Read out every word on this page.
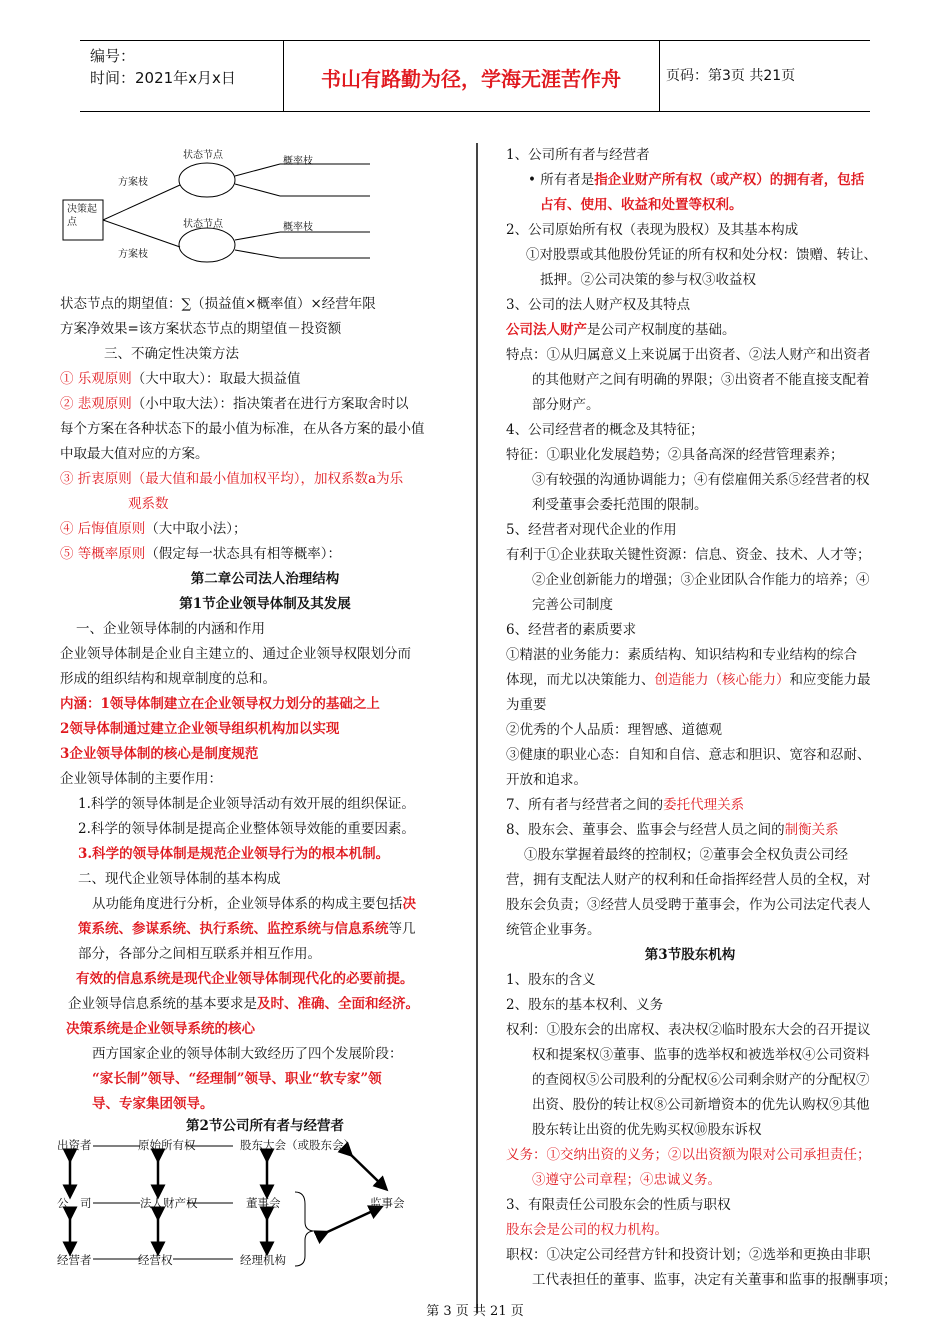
编号：
时间：2021年x月x日	书山有路勤为径，学海无涯苦作舟	页码：第3页 共21页
决策起点
方案枝
方案枝
状态节点
状态节点
概率枝
概率枝
状态节点的期望值：∑（损益值×概率值）×经营年限
方案净效果=该方案状态节点的期望值－投资额
三、不确定性决策方法
① 乐观原则（大中取大）：取最大损益值
② 悲观原则（小中取大法）：指决策者在进行方案取舍时以
每个方案在各种状态下的最小值为标准，在从各方案的最小值
中取最大值对应的方案。
③ 折衷原则（最大值和最小值加权平均），加权系数a为乐
观系数
④ 后悔值原则（大中取小法）；
⑤ 等概率原则（假定每一状态具有相等概率）：
第二章公司法人治理结构
第1节企业领导体制及其发展
一、企业领导体制的内涵和作用
企业领导体制是企业自主建立的、通过企业领导权限划分而
形成的组织结构和规章制度的总和。
内涵：1领导体制建立在企业领导权力划分的基础之上
2领导体制通过建立企业领导组织机构加以实现
3企业领导体制的核心是制度规范
企业领导体制的主要作用：
1.科学的领导体制是企业领导活动有效开展的组织保证。
2.科学的领导体制是提高企业整体领导效能的重要因素。
3.科学的领导体制是规范企业领导行为的根本机制。
二、现代企业领导体制的基本构成
从功能角度进行分析，企业领导体系的构成主要包括决
策系统、参谋系统、执行系统、监控系统与信息系统等几
部分，各部分之间相互联系并相互作用。
有效的信息系统是现代企业领导体制现代化的必要前提。
企业领导信息系统的基本要求是及时、准确、全面和经济。
决策系统是企业领导系统的核心
西方国家企业的领导体制大致经历了四个发展阶段：
“家长制”领导、“经理制”领导、职业“软专家”领
导、专家集团领导。
第2节公司所有者与经营者
出资者	原始所有权	股东大会（或股东会）
公　司	法人财产权	董事会
经营者	经营权	经理机构
监事会
1、公司所有者与经营者
• 所有者是指企业财产所有权（或产权）的拥有者，包括
占有、使用、收益和处置等权利。
2、公司原始所有权（表现为股权）及其基本构成
①对股票或其他股份凭证的所有权和处分权：馈赠、转让、
抵押。②公司决策的参与权③收益权
3、公司的法人财产权及其特点
公司法人财产是公司产权制度的基础。
特点：①从归属意义上来说属于出资者、②法人财产和出资者
的其他财产之间有明确的界限；③出资者不能直接支配着
部分财产。
4、公司经营者的概念及其特征；
特征：①职业化发展趋势；②具备高深的经营管理素养；
③有较强的沟通协调能力；④有偿雇佣关系⑤经营者的权
利受董事会委托范围的限制。
5、经营者对现代企业的作用
有利于①企业获取关键性资源：信息、资金、技术、人才等；
②企业创新能力的增强；③企业团队合作能力的培养；④
完善公司制度
6、经营者的素质要求
①精湛的业务能力：素质结构、知识结构和专业结构的综合
体现，而尤以决策能力、创造能力（核心能力）和应变能力最
为重要
②优秀的个人品质：理智感、道德观
③健康的职业心态：自知和自信、意志和胆识、宽容和忍耐、
开放和追求。
7、所有者与经营者之间的委托代理关系
8、股东会、董事会、监事会与经营人员之间的制衡关系
①股东掌握着最终的控制权；②董事会全权负责公司经
营，拥有支配法人财产的权利和任命指挥经营人员的全权，对
股东会负责；③经营人员受聘于董事会，作为公司法定代表人
统管企业事务。
第3节股东机构
1、股东的含义
2、股东的基本权利、义务
权利：①股东会的出席权、表决权②临时股东大会的召开提议
权和提案权③董事、监事的选举权和被选举权④公司资料
的查阅权⑤公司股利的分配权⑥公司剩余财产的分配权⑦
出资、股份的转让权⑧公司新增资本的优先认购权⑨其他
股东转让出资的优先购买权⑩股东诉权
义务：①交纳出资的义务；②以出资额为限对公司承担责任；
③遵守公司章程；④忠诚义务。
3、有限责任公司股东会的性质与职权
股东会是公司的权力机构。
职权：①决定公司经营方针和投资计划；②选举和更换由非职
工代表担任的董事、监事，决定有关董事和监事的报酬事项；
第 3 页 共 21 页
